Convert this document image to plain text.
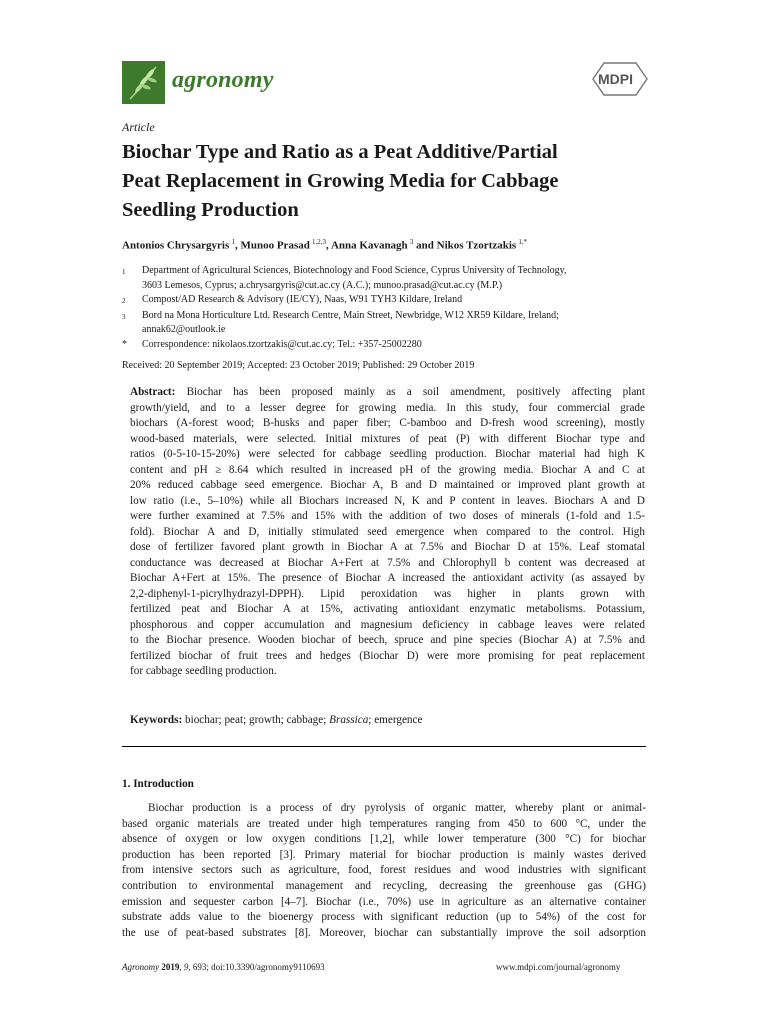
agronomy	MDPI
Article
Biochar Type and Ratio as a Peat Additive/Partial
Peat Replacement in Growing Media for Cabbage
Seedling Production
Antonios Chrysargyris  $^1$, Munoo Prasad  $^{1,2,3}$, Anna Kavanagh  $^3$ and Nikos Tzortzakis  $^{1,*}$
1	Department of Agricultural Sciences, Biotechnology and Food Science, Cyprus University of Technology,
3603 Lemesos, Cyprus; a.chrysargyris@cut.ac.cy (A.C.); munoo.prasad@cut.ac.cy (M.P.)
2	Compost/AD Research & Advisory (IE/CY), Naas, W91 TYH3 Kildare, Ireland
3	Bord na Mona Horticulture Ltd. Research Centre, Main Street, Newbridge, W12 XR59 Kildare, Ireland;
annak62@outlook.ie
*	Correspondence: nikolaos.tzortzakis@cut.ac.cy; Tel.: +357-25002280
Received: 20 September 2019; Accepted: 23 October 2019; Published: 29 October 2019
Abstract: Biochar has been proposed mainly as a soil amendment, positively affecting plant
growth/yield, and to a lesser degree for growing media. In this study, four commercial grade
biochars (A-forest wood; B-husks and paper fiber; C-bamboo and D-fresh wood screening), mostly
wood-based materials, were selected. Initial mixtures of peat (P) with different Biochar type and
ratios (0-5-10-15-20%) were selected for cabbage seedling production. Biochar material had high K
content and pH ≥ 8.64 which resulted in increased pH of the growing media. Biochar A and C at
20% reduced cabbage seed emergence. Biochar A, B and D maintained or improved plant growth at
low ratio (i.e., 5–10%) while all Biochars increased N, K and P content in leaves. Biochars A and D
were further examined at 7.5% and 15% with the addition of two doses of minerals (1-fold and 1.5-
fold). Biochar A and D, initially stimulated seed emergence when compared to the control. High
dose of fertilizer favored plant growth in Biochar A at 7.5% and Biochar D at 15%. Leaf stomatal
conductance was decreased at Biochar A+Fert at 7.5% and Chlorophyll b content was decreased at
Biochar A+Fert at 15%. The presence of Biochar A increased the antioxidant activity (as assayed by
2,2-diphenyl-1-picrylhydrazyl-DPPH). Lipid peroxidation was higher in plants grown with
fertilized peat and Biochar A at 15%, activating antioxidant enzymatic metabolisms. Potassium,
phosphorous and copper accumulation and magnesium deficiency in cabbage leaves were related
to the Biochar presence. Wooden biochar of beech, spruce and pine species (Biochar A) at 7.5% and
fertilized biochar of fruit trees and hedges (Biochar D) were more promising for peat replacement
for cabbage seedling production.
Keywords: biochar; peat; growth; cabbage; Brassica; emergence
1. Introduction
Biochar production is a process of dry pyrolysis of organic matter, whereby plant or animal-
based organic materials are treated under high temperatures ranging from 450 to 600 °C, under the
absence of oxygen or low oxygen conditions [1,2], while lower temperature (300 °C) for biochar
production has been reported [3]. Primary material for biochar production is mainly wastes derived
from intensive sectors such as agriculture, food, forest residues and wood industries with significant
contribution to environmental management and recycling, decreasing the greenhouse gas (GHG)
emission and sequester carbon [4–7]. Biochar (i.e., 70%) use in agriculture as an alternative container
substrate adds value to the bioenergy process with significant reduction (up to 54%) of the cost for
the use of peat-based substrates [8]. Moreover, biochar can substantially improve the soil adsorption
Agronomy 2019, 9, 693; doi:10.3390/agronomy9110693	www.mdpi.com/journal/agronomy
